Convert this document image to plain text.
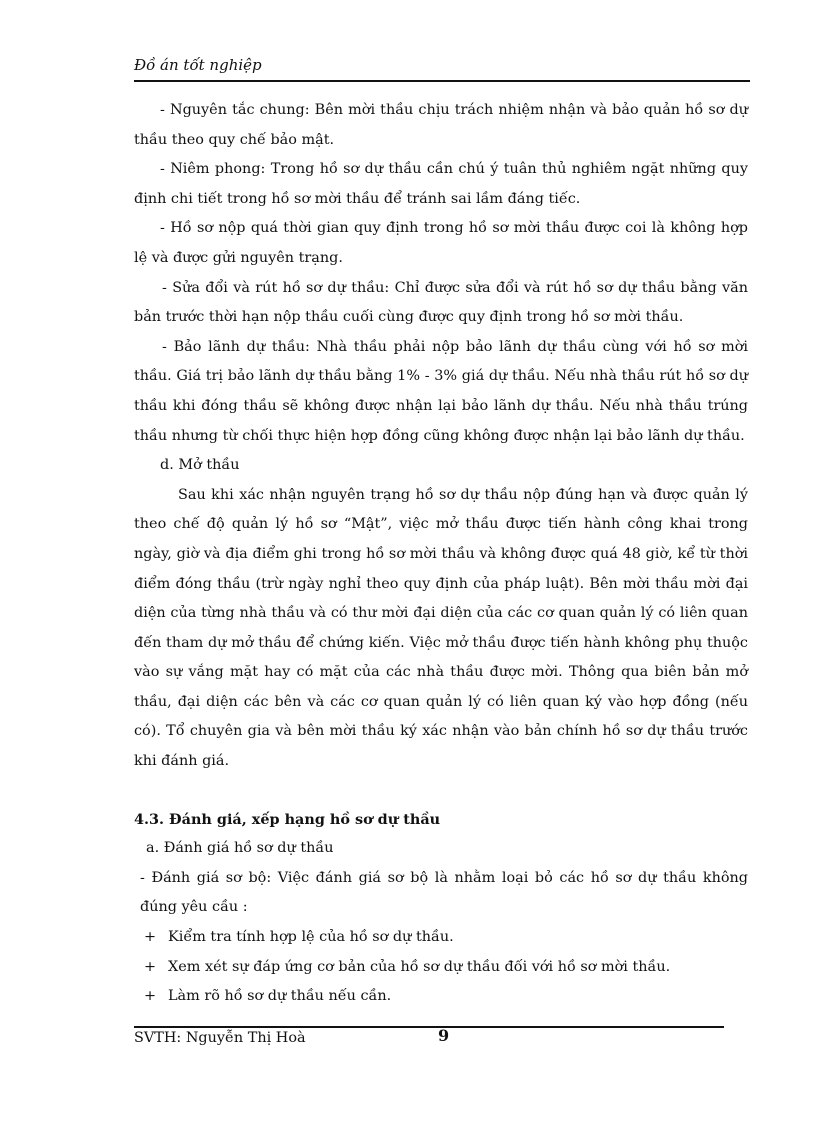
Đồ án tốt nghiệp

- Nguyên tắc chung: Bên mời thầu chịu trách nhiệm nhận và bảo quản hồ sơ dự thầu theo quy chế bảo mật.

- Niêm phong: Trong hồ sơ dự thầu cần chú ý tuân thủ nghiêm ngặt những quy định chi tiết trong hồ sơ mời thầu để tránh sai lầm đáng tiếc.

- Hồ sơ nộp quá thời gian quy định trong hồ sơ mời thầu được coi là không hợp lệ và được gửi nguyên trạng.

- Sửa đổi và rút hồ sơ dự thầu: Chỉ được sửa đổi và rút hồ sơ dự thầu bằng văn bản trước thời hạn nộp thầu cuối cùng được quy định trong hồ sơ mời thầu.

- Bảo lãnh dự thầu: Nhà thầu phải nộp bảo lãnh dự thầu cùng với hồ sơ mời thầu. Giá trị bảo lãnh dự thầu bằng 1% - 3% giá dự thầu. Nếu nhà thầu rút hồ sơ dự thầu khi đóng thầu sẽ không được nhận lại bảo lãnh dự thầu. Nếu nhà thầu trúng thầu nhưng từ chối thực hiện hợp đồng cũng không được nhận lại bảo lãnh dự thầu.

d. Mở thầu

Sau khi xác nhận nguyên trạng hồ sơ dự thầu nộp đúng hạn và được quản lý theo chế độ quản lý hồ sơ “Mật”, việc mở thầu được tiến hành công khai trong ngày, giờ và địa điểm ghi trong hồ sơ mời thầu và không được quá 48 giờ, kể từ thời điểm đóng thầu (trừ ngày nghỉ theo quy định của pháp luật). Bên mời thầu mời đại diện của từng nhà thầu và có thư mời đại diện của các cơ quan quản lý có liên quan đến tham dự mở thầu để chứng kiến. Việc mở thầu được tiến hành không phụ thuộc vào sự vắng mặt hay có mặt của các nhà thầu được mời. Thông qua biên bản mở thầu, đại diện các bên và các cơ quan quản lý có liên quan ký vào hợp đồng (nếu có). Tổ chuyên gia và bên mời thầu ký xác nhận vào bản chính hồ sơ dự thầu trước khi đánh giá.

4.3. Đánh giá, xếp hạng hồ sơ dự thầu

a. Đánh giá hồ sơ dự thầu

- Đánh giá sơ bộ: Việc đánh giá sơ bộ là nhằm loại bỏ các hồ sơ dự thầu không đúng yêu cầu :

+ Kiểm tra tính hợp lệ của hồ sơ dự thầu.
+ Xem xét sự đáp ứng cơ bản của hồ sơ dự thầu đối với hồ sơ mời thầu.
+ Làm rõ hồ sơ dự thầu nếu cần.
SVTH: Nguyễn Thị Hoà	9
